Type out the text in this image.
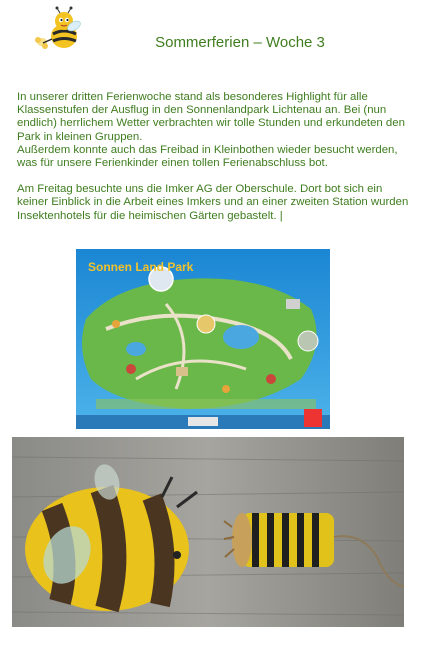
Sommerferien – Woche 3

In unserer dritten Ferienwoche stand als besonderes Highlight für alle Klassenstufen der Ausflug in den Sonnenlandpark Lichtenau an. Bei (nun endlich) herrlichem Wetter verbrachten wir tolle Stunden und erkundeten den Park in kleinen Gruppen.

Außerdem konnte auch das Freibad in Kleinbothen wieder besucht werden, was für unsere Ferienkinder einen tollen Ferienabschluss bot.

Am Freitag besuchte uns die Imker AG der Oberschule. Dort bot sich ein keiner Einblick in die Arbeit eines Imkers und an einer zweiten Station wurden Insektenhotels für die heimischen Gärten gebastelt. |

Sonnen Land Park
